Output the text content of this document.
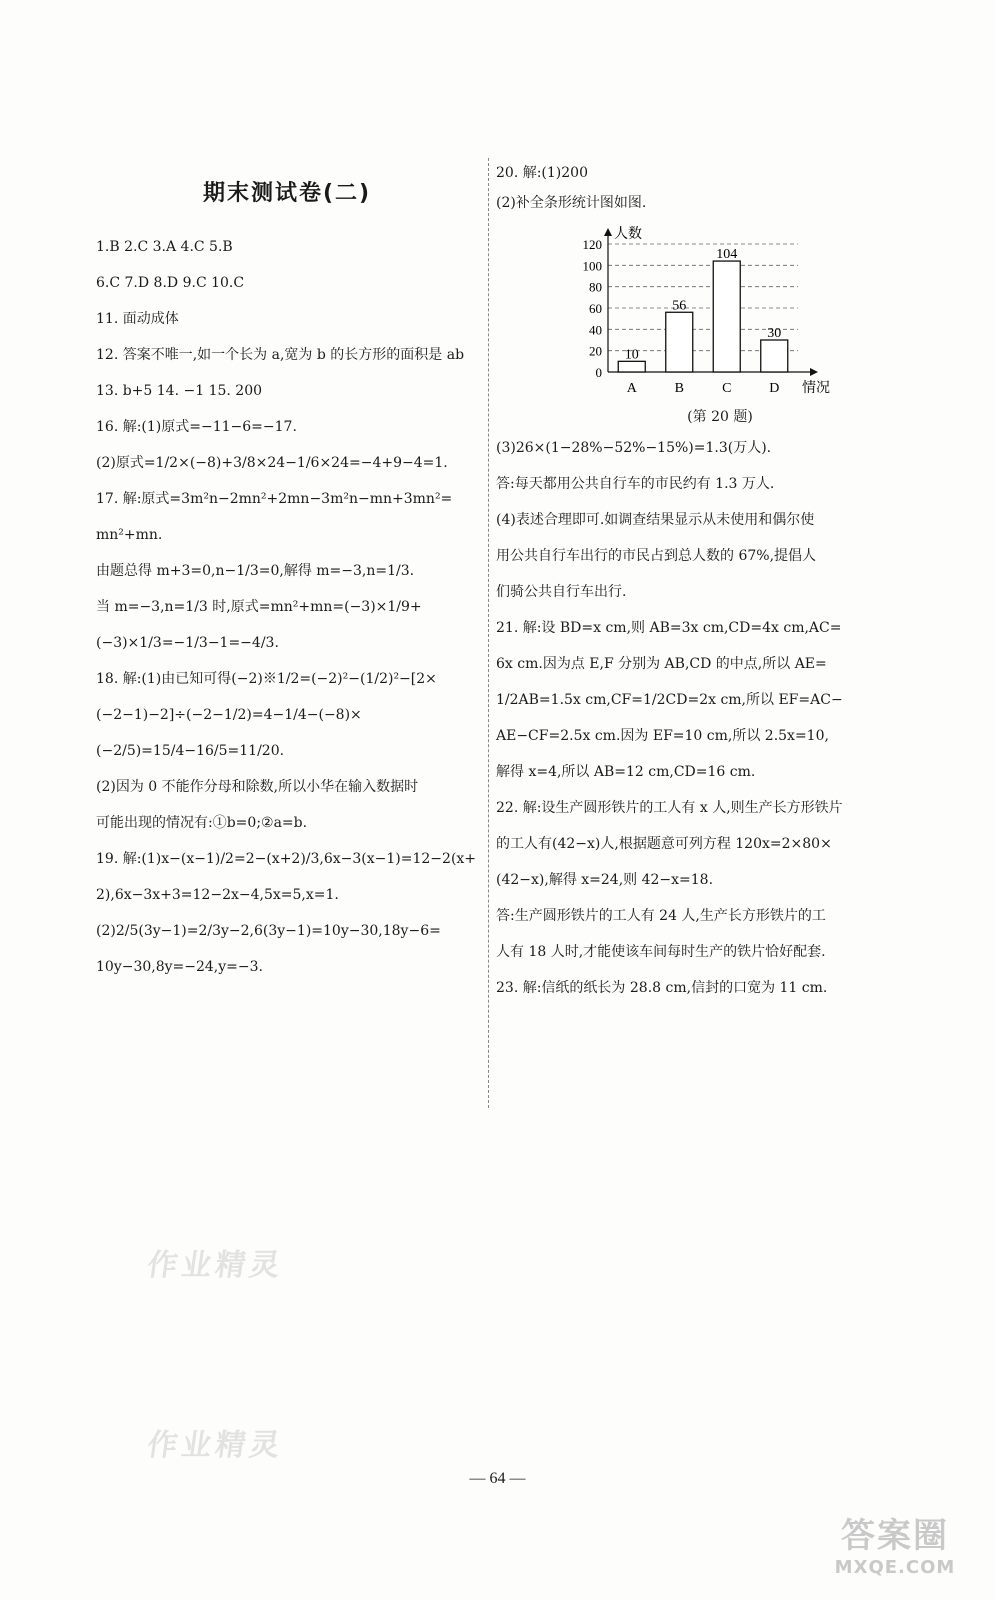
期末测试卷(二)
1.B 2.C 3.A 4.C 5.B
6.C 7.D 8.D 9.C 10.C
11. 面动成体
12. 答案不唯一,如一个长为 a,宽为 b 的长方形的面积是 ab
13. b+5 14. −1 15. 200
16. 解:(1)原式=−11−6=−17.
(2)原式=1/2×(−8)+3/8×24−1/6×24=−4+9−4=1.
17. 解:原式=3m²n−2mn²+2mn−3m²n−mn+3mn²=
mn²+mn.
由题总得 m+3=0,n−1/3=0,解得 m=−3,n=1/3.
当 m=−3,n=1/3 时,原式=mn²+mn=(−3)×1/9+
(−3)×1/3=−1/3−1=−4/3.
18. 解:(1)由已知可得(−2)※1/2=(−2)²−(1/2)²−[2×
(−2−1)−2]÷(−2−1/2)=4−1/4−(−8)×
(−2/5)=15/4−16/5=11/20.
(2)因为 0 不能作分母和除数,所以小华在输入数据时
可能出现的情况有:①b=0;②a=b.
19. 解:(1)x−(x−1)/2=2−(x+2)/3,6x−3(x−1)=12−2(x+
2),6x−3x+3=12−2x−4,5x=5,x=1.
(2)2/5(3y−1)=2/3y−2,6(3y−1)=10y−30,18y−6=
10y−30,8y=−24,y=−3.
20. 解:(1)200
(2)补全条形统计图如图.
0
20
40
60
80
100
120
人数
情况
10
A
56
B
104
C
30
D
(第 20 题)
(3)26×(1−28%−52%−15%)=1.3(万人).
答:每天都用公共自行车的市民约有 1.3 万人.
(4)表述合理即可.如调查结果显示从未使用和偶尔使
用公共自行车出行的市民占到总人数的 67%,提倡人
们骑公共自行车出行.
21. 解:设 BD=x cm,则 AB=3x cm,CD=4x cm,AC=
6x cm.因为点 E,F 分别为 AB,CD 的中点,所以 AE=
1/2AB=1.5x cm,CF=1/2CD=2x cm,所以 EF=AC−
AE−CF=2.5x cm.因为 EF=10 cm,所以 2.5x=10,
解得 x=4,所以 AB=12 cm,CD=16 cm.
22. 解:设生产圆形铁片的工人有 x 人,则生产长方形铁片
的工人有(42−x)人,根据题意可列方程 120x=2×80×
(42−x),解得 x=24,则 42−x=18.
答:生产圆形铁片的工人有 24 人,生产长方形铁片的工
人有 18 人时,才能使该车间每时生产的铁片恰好配套.
23. 解:信纸的纸长为 28.8 cm,信封的口宽为 11 cm.
— 64 —
作业精灵
作业精灵
答案圈
MXQE.COM
